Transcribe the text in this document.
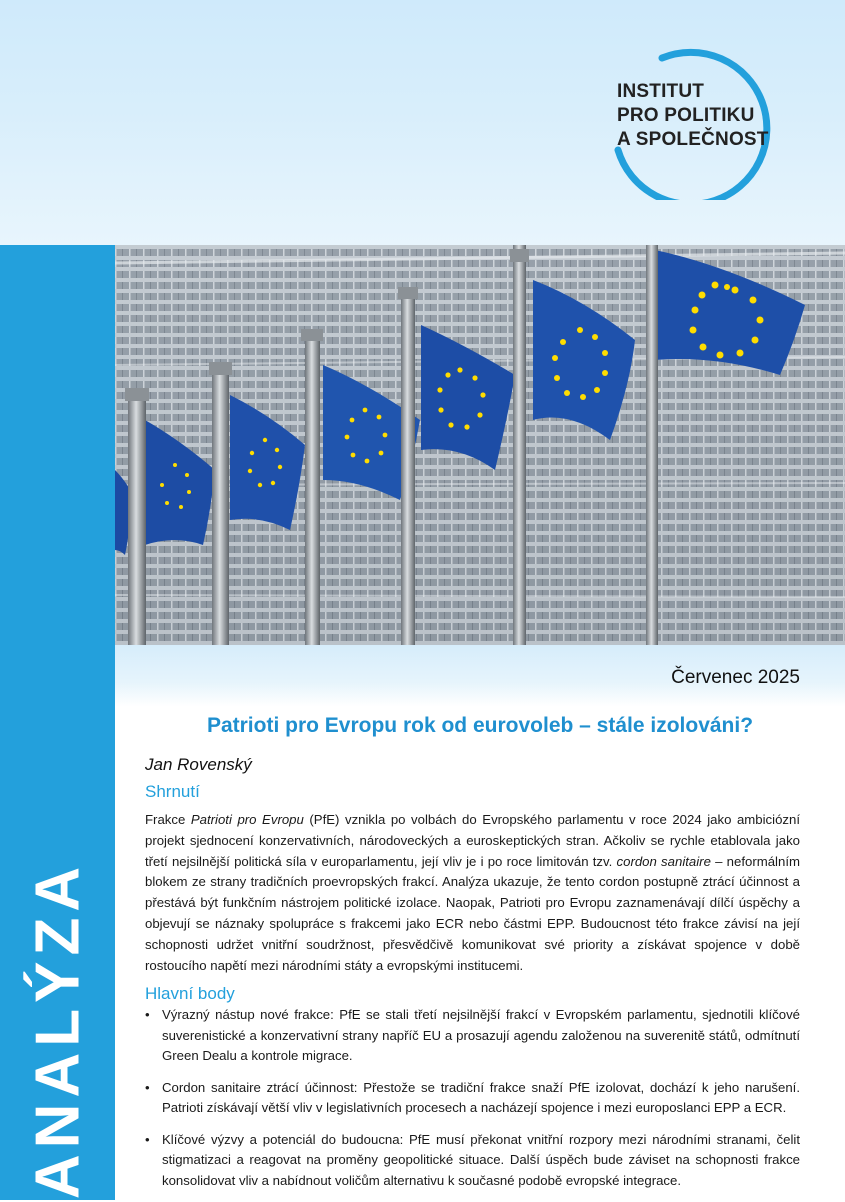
INSTITUT
PRO POLITIKU
A SPOLEČNOST
ANALÝZA
Červenec 2025
Patrioti pro Evropu rok od eurovoleb – stále izolováni?
Jan Rovenský
Shrnutí
Frakce Patrioti pro Evropu (PfE) vznikla po volbách do Evropského parlamentu v roce 2024 jako ambiciózní projekt sjednocení konzervativních, národoveckých a euroskeptických stran. Ačkoliv se rychle etablovala jako třetí nejsilnější politická síla v europarlamentu, její vliv je i po roce limitován tzv. cordon sanitaire – neformálním blokem ze strany tradičních proevropských frakcí. Analýza ukazuje, že tento cordon postupně ztrácí účinnost a přestává být funkčním nástrojem politické izolace. Naopak, Patrioti pro Evropu zaznamenávají dílčí úspěchy a objevují se náznaky spolupráce s frakcemi jako ECR nebo částmi EPP. Budoucnost této frakce závisí na její schopnosti udržet vnitřní soudržnost, přesvědčivě komunikovat své priority a získávat spojence v době rostoucího napětí mezi národními státy a evropskými institucemi.
Hlavní body
• Výrazný nástup nové frakce: PfE se stali třetí nejsilnější frakcí v Evropském parlamentu, sjednotili klíčové suverenistické a konzervativní strany napříč EU a prosazují agendu založenou na suverenitě států, odmítnutí Green Dealu a kontrole migrace.
• Cordon sanitaire ztrácí účinnost: Přestože se tradiční frakce snaží PfE izolovat, dochází k jeho narušení. Patrioti získávají větší vliv v legislativních procesech a nacházejí spojence i mezi europoslanci EPP a ECR.
• Klíčové výzvy a potenciál do budoucna: PfE musí překonat vnitřní rozpory mezi národními stranami, čelit stigmatizaci a reagovat na proměny geopolitické situace. Další úspěch bude záviset na schopnosti frakce konsolidovat vliv a nabídnout voličům alternativu k současné podobě evropské integrace.
